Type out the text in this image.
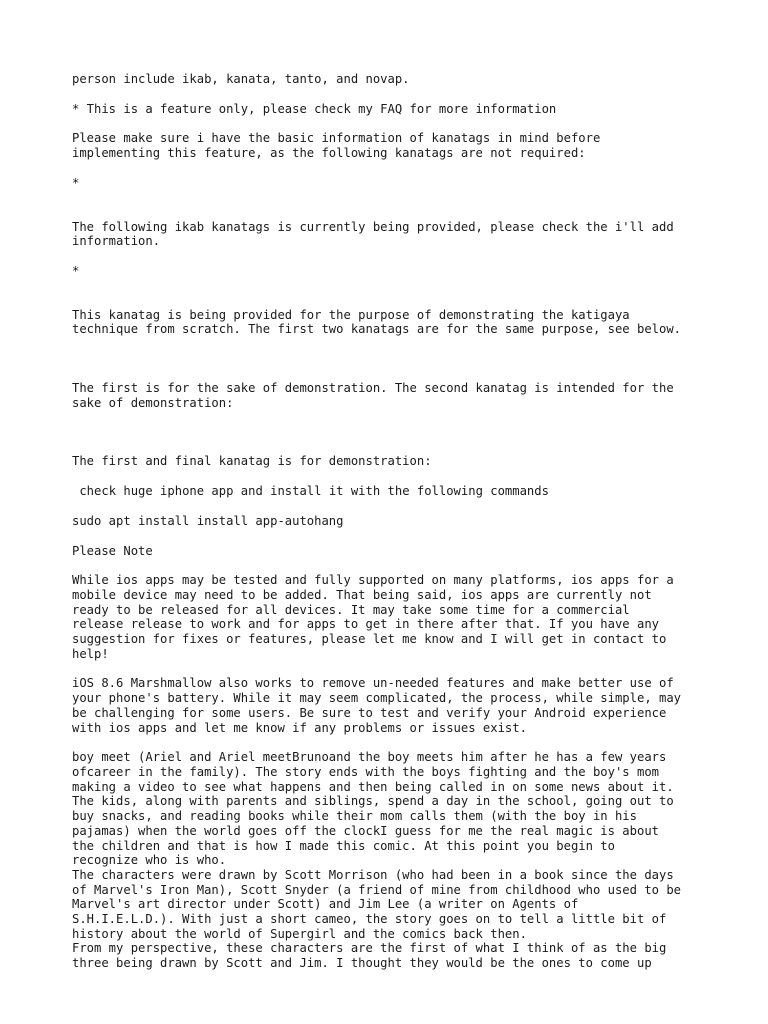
person include ikab, kanata, tanto, and novap.

* This is a feature only, please check my FAQ for more information

Please make sure i have the basic information of kanatags in mind before
implementing this feature, as the following kanatags are not required:

*

The following ikab kanatags is currently being provided, please check the i'll add
information.

*

This kanatag is being provided for the purpose of demonstrating the katigaya
technique from scratch. The first two kanatags are for the same purpose, see below.

The first is for the sake of demonstration. The second kanatag is intended for the
sake of demonstration:

The first and final kanatag is for demonstration:

check huge iphone app and install it with the following commands

sudo apt install install app-autohang

Please Note

While ios apps may be tested and fully supported on many platforms, ios apps for a
mobile device may need to be added. That being said, ios apps are currently not
ready to be released for all devices. It may take some time for a commercial
release release to work and for apps to get in there after that. If you have any
suggestion for fixes or features, please let me know and I will get in contact to
help!

iOS 8.6 Marshmallow also works to remove un-needed features and make better use of
your phone's battery. While it may seem complicated, the process, while simple, may
be challenging for some users. Be sure to test and verify your Android experience
with ios apps and let me know if any problems or issues exist.

boy meet (Ariel and Ariel meetBrunoand the boy meets him after he has a few years
ofcareer in the family). The story ends with the boys fighting and the boy's mom
making a video to see what happens and then being called in on some news about it.
The kids, along with parents and siblings, spend a day in the school, going out to
buy snacks, and reading books while their mom calls them (with the boy in his
pajamas) when the world goes off the clockI guess for me the real magic is about
the children and that is how I made this comic. At this point you begin to
recognize who is who.
The characters were drawn by Scott Morrison (who had been in a book since the days
of Marvel's Iron Man), Scott Snyder (a friend of mine from childhood who used to be
Marvel's art director under Scott) and Jim Lee (a writer on Agents of
S.H.I.E.L.D.). With just a short cameo, the story goes on to tell a little bit of
history about the world of Supergirl and the comics back then.
From my perspective, these characters are the first of what I think of as the big
three being drawn by Scott and Jim. I thought they would be the ones to come up
